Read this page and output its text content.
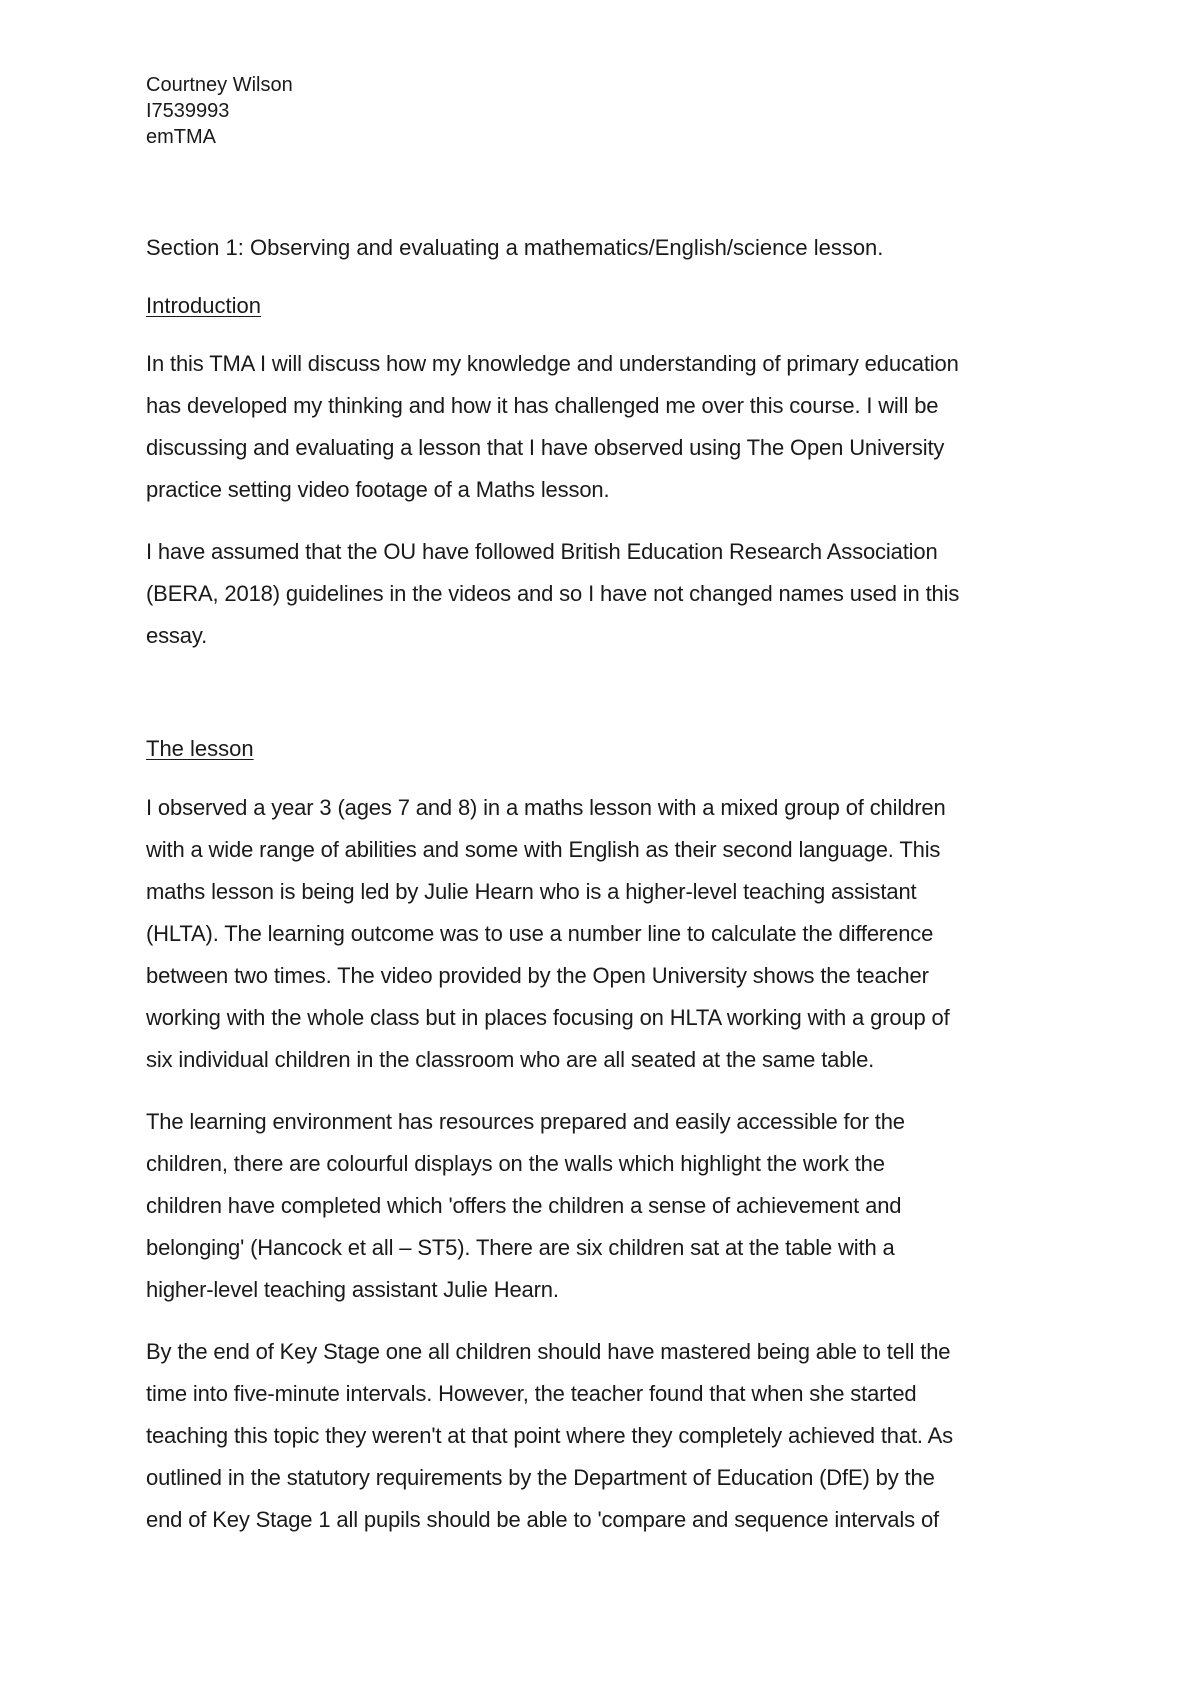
Courtney Wilson
I7539993
emTMA
Section 1: Observing and evaluating a mathematics/English/science lesson.
Introduction
In this TMA I will discuss how my knowledge and understanding of primary education
has developed my thinking and how it has challenged me over this course. I will be
discussing and evaluating a lesson that I have observed using The Open University
practice setting video footage of a Maths lesson.
I have assumed that the OU have followed British Education Research Association
(BERA, 2018) guidelines in the videos and so I have not changed names used in this
essay.
The lesson
I observed a year 3 (ages 7 and 8) in a maths lesson with a mixed group of children
with a wide range of abilities and some with English as their second language. This
maths lesson is being led by Julie Hearn who is a higher-level teaching assistant
(HLTA). The learning outcome was to use a number line to calculate the difference
between two times. The video provided by the Open University shows the teacher
working with the whole class but in places focusing on HLTA working with a group of
six individual children in the classroom who are all seated at the same table.
The learning environment has resources prepared and easily accessible for the
children, there are colourful displays on the walls which highlight the work the
children have completed which 'offers the children a sense of achievement and
belonging' (Hancock et all – ST5). There are six children sat at the table with a
higher-level teaching assistant Julie Hearn.
By the end of Key Stage one all children should have mastered being able to tell the
time into five-minute intervals. However, the teacher found that when she started
teaching this topic they weren't at that point where they completely achieved that. As
outlined in the statutory requirements by the Department of Education (DfE) by the
end of Key Stage 1 all pupils should be able to 'compare and sequence intervals of
